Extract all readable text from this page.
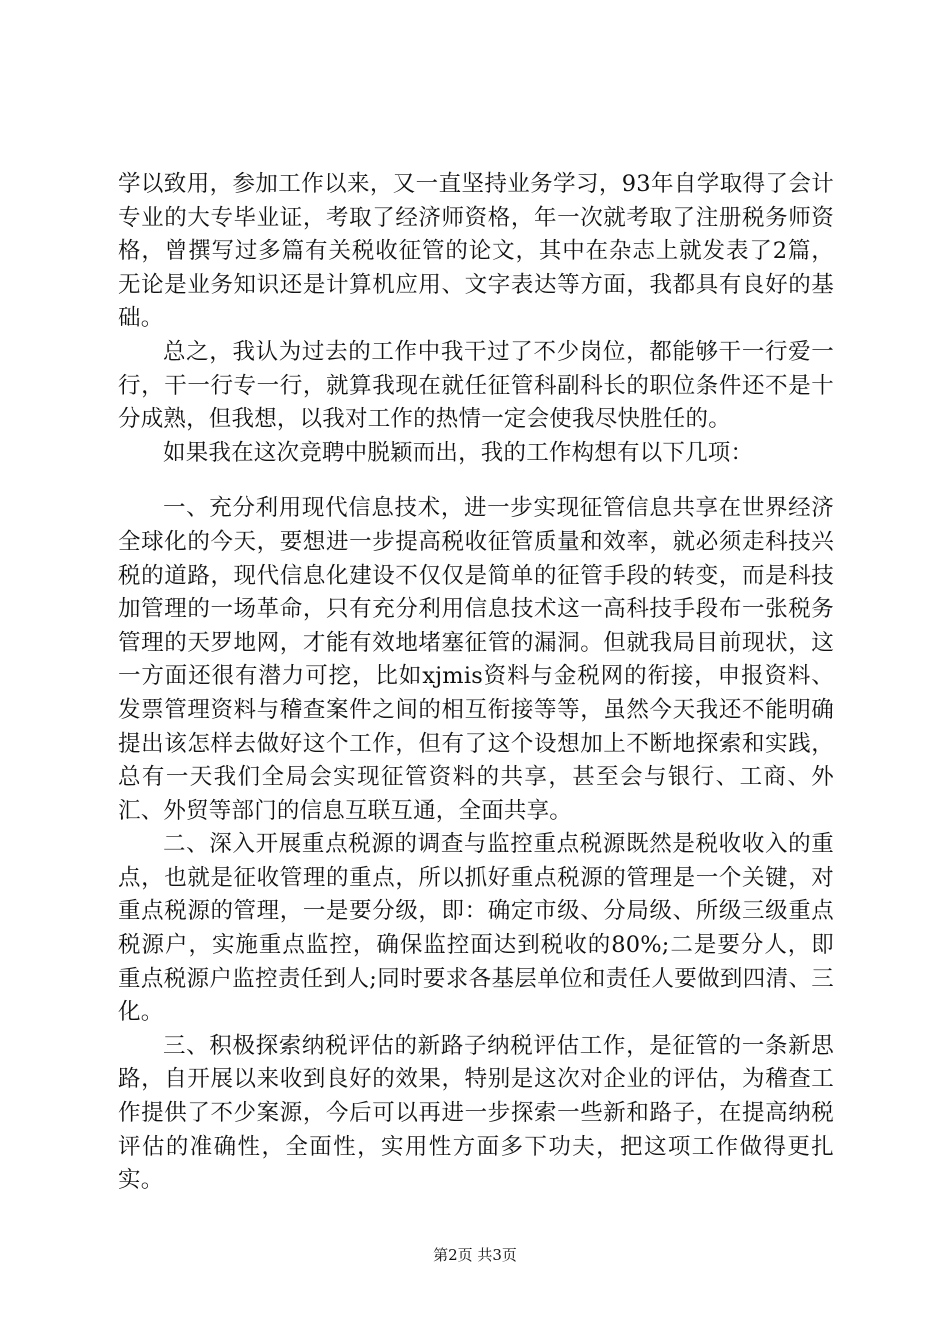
学以致用，参加工作以来，又一直坚持业务学习，93年自学取得了会计专业的大专毕业证，考取了经济师资格，年一次就考取了注册税务师资格，曾撰写过多篇有关税收征管的论文，其中在杂志上就发表了2篇，无论是业务知识还是计算机应用、文字表达等方面，我都具有良好的基础。

总之，我认为过去的工作中我干过了不少岗位，都能够干一行爱一行，干一行专一行，就算我现在就任征管科副科长的职位条件还不是十分成熟，但我想，以我对工作的热情一定会使我尽快胜任的。

如果我在这次竞聘中脱颖而出，我的工作构想有以下几项：

一、充分利用现代信息技术，进一步实现征管信息共享在世界经济全球化的今天，要想进一步提高税收征管质量和效率，就必须走科技兴税的道路，现代信息化建设不仅仅是简单的征管手段的转变，而是科技加管理的一场革命，只有充分利用信息技术这一高科技手段布一张税务管理的天罗地网，才能有效地堵塞征管的漏洞。但就我局目前现状，这一方面还很有潜力可挖，比如xjmis资料与金税网的衔接，申报资料、发票管理资料与稽查案件之间的相互衔接等等，虽然今天我还不能明确提出该怎样去做好这个工作，但有了这个设想加上不断地探索和实践，总有一天我们全局会实现征管资料的共享，甚至会与银行、工商、外汇、外贸等部门的信息互联互通，全面共享。

二、深入开展重点税源的调查与监控重点税源既然是税收收入的重点，也就是征收管理的重点，所以抓好重点税源的管理是一个关键，对重点税源的管理，一是要分级，即：确定市级、分局级、所级三级重点税源户，实施重点监控，确保监控面达到税收的80%;二是要分人，即重点税源户监控责任到人;同时要求各基层单位和责任人要做到四清、三化。

三、积极探索纳税评估的新路子纳税评估工作，是征管的一条新思路，自开展以来收到良好的效果，特别是这次对企业的评估，为稽查工作提供了不少案源，今后可以再进一步探索一些新和路子，在提高纳税评估的准确性，全面性，实用性方面多下功夫，把这项工作做得更扎实。

第2页 共3页
